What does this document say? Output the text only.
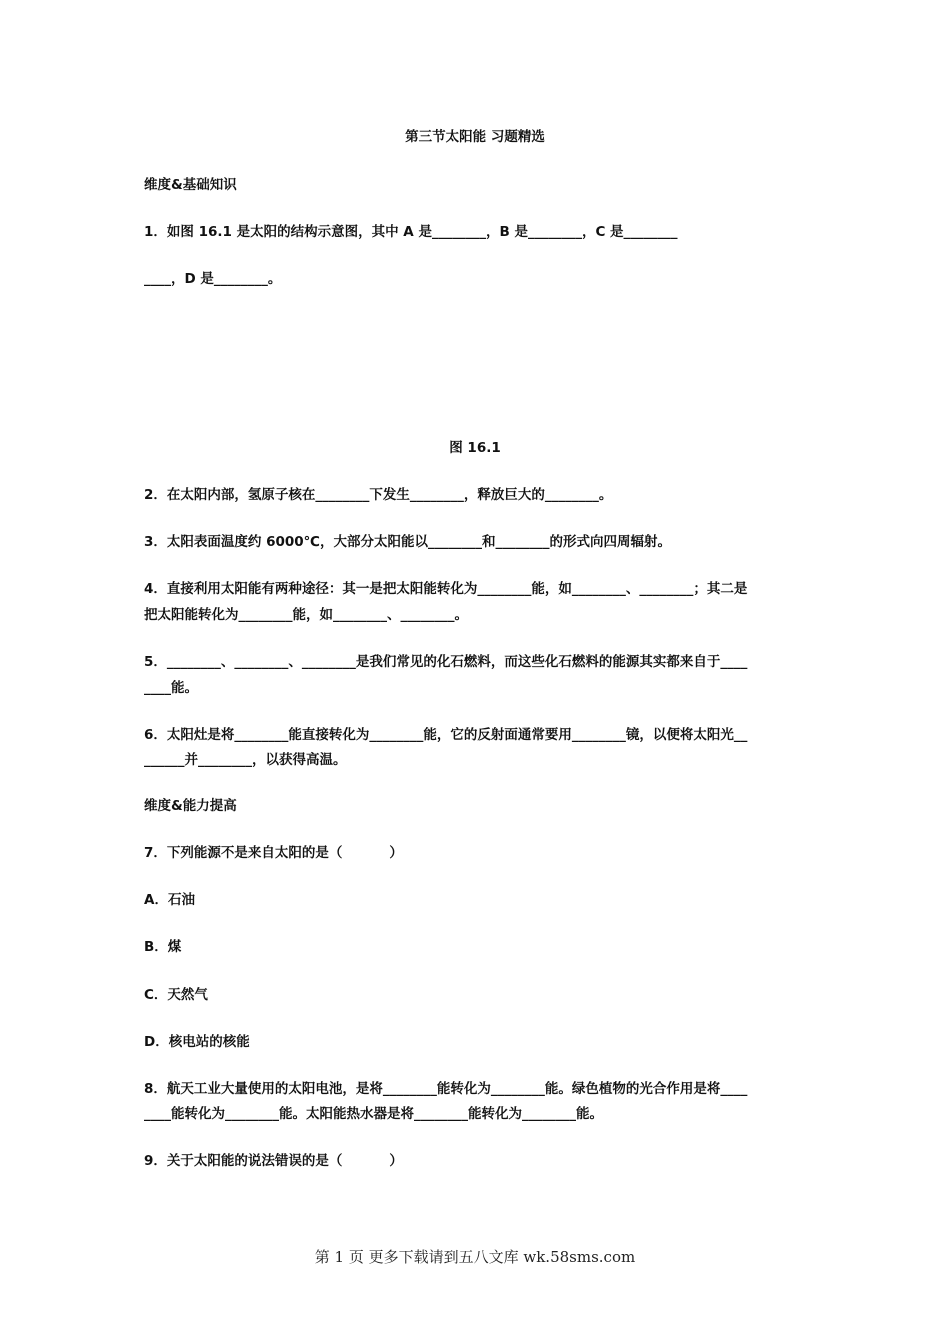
第三节太阳能 习题精选
维度&基础知识
1．如图 16.1 是太阳的结构示意图，其中 A 是________，B 是________，C 是________
____，D 是________。
图 16.1
2．在太阳内部，氢原子核在________下发生________，释放巨大的________。
3．太阳表面温度约 6000℃，大部分太阳能以________和________的形式向四周辐射。
4．直接利用太阳能有两种途径：其一是把太阳能转化为________能，如________、________；其二是
把太阳能转化为________能，如________、________。
5．________、________、________是我们常见的化石燃料，而这些化石燃料的能源其实都来自于____
____能。
6．太阳灶是将________能直接转化为________能，它的反射面通常要用________镜，以便将太阳光__
______并________，以获得高温。
维度&能力提高
7．下列能源不是来自太阳的是（          ）
A．石油
B．煤
C．天然气
D．核电站的核能
8．航天工业大量使用的太阳电池，是将________能转化为________能。绿色植物的光合作用是将____
____能转化为________能。太阳能热水器是将________能转化为________能。
9．关于太阳能的说法错误的是（          ）
第 1 页 更多下载请到五八文库 wk.58sms.com
